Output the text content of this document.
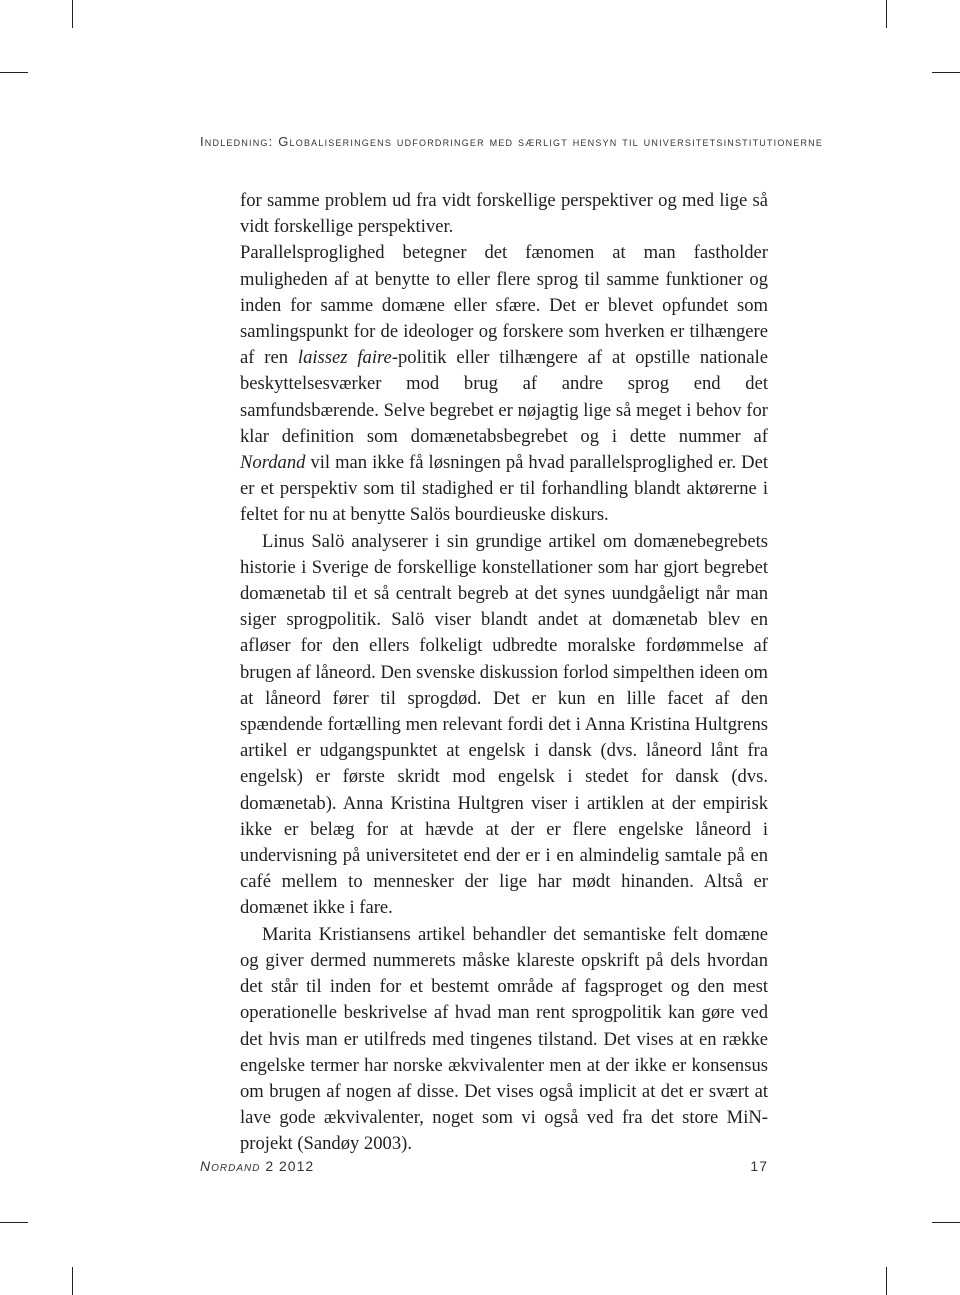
Indledning: Globaliseringens udfordringer med særligt hensyn til universitetsinstitutionerne

for samme problem ud fra vidt forskellige perspektiver og med lige så vidt forskellige perspektiver.

Parallelsproglighed betegner det fænomen at man fastholder muligheden af at benytte to eller flere sprog til samme funktioner og inden for samme domæne eller sfære. Det er blevet opfundet som samlingspunkt for de ideologer og forskere som hverken er tilhængere af ren laissez faire-politik eller tilhængere af at opstille nationale beskyttelsesværker mod brug af andre sprog end det samfundsbærende. Selve begrebet er nøjagtig lige så meget i behov for klar definition som domænetabsbegrebet og i dette nummer af Nordand vil man ikke få løsningen på hvad parallelsproglighed er. Det er et perspektiv som til stadighed er til forhandling blandt aktørerne i feltet for nu at benytte Salös bourdieuske diskurs.

Linus Salö analyserer i sin grundige artikel om domænebegrebets historie i Sverige de forskellige konstellationer som har gjort begrebet domænetab til et så centralt begreb at det synes uundgåeligt når man siger sprogpolitik. Salö viser blandt andet at domænetab blev en afløser for den ellers folkeligt udbredte moralske fordømmelse af brugen af låneord. Den svenske diskussion forlod simpelthen ideen om at låneord fører til sprogdød. Det er kun en lille facet af den spændende fortælling men relevant fordi det i Anna Kristina Hultgrens artikel er udgangspunktet at engelsk i dansk (dvs. låneord lånt fra engelsk) er første skridt mod engelsk i stedet for dansk (dvs. domænetab). Anna Kristina Hultgren viser i artiklen at der empirisk ikke er belæg for at hævde at der er flere engelske låneord i undervisning på universitetet end der er i en almindelig samtale på en café mellem to mennesker der lige har mødt hinanden. Altså er domænet ikke i fare.

Marita Kristiansens artikel behandler det semantiske felt domæne og giver dermed nummerets måske klareste opskrift på dels hvordan det står til inden for et bestemt område af fagsproget og den mest operationelle beskrivelse af hvad man rent sprogpolitik kan gøre ved det hvis man er utilfreds med tingenes tilstand. Det vises at en række engelske termer har norske ækvivalenter men at der ikke er konsensus om brugen af nogen af disse. Det vises også implicit at det er svært at lave gode ækvivalenter, noget som vi også ved fra det store MiN-projekt (Sandøy 2003).

Nordand 2 2012	17
